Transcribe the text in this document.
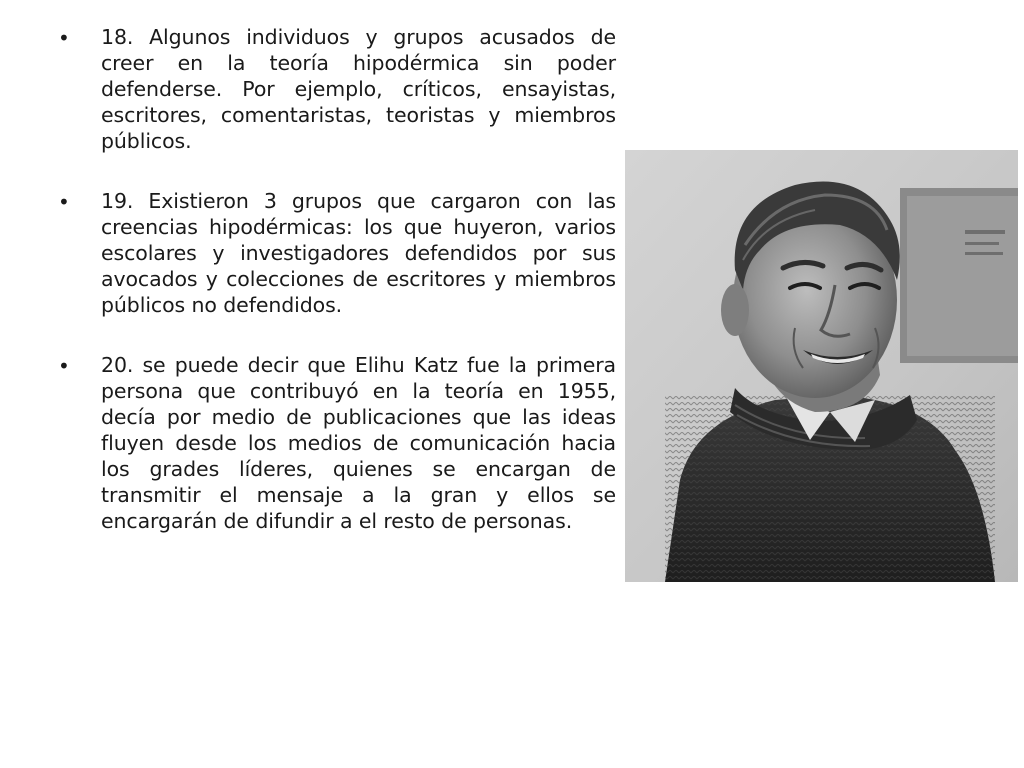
• 18. Algunos individuos y grupos acusados de creer en la teoría hipodérmica sin poder defenderse. Por ejemplo, críticos, ensayistas, escritores, comentaristas, teoristas y miembros públicos.
• 19. Existieron 3 grupos que cargaron con las creencias hipodérmicas: los que huyeron, varios escolares y investigadores defendidos por sus avocados y colecciones de escritores y miembros públicos no defendidos.
• 20. se puede decir que Elihu Katz fue la primera persona que contribuyó en la teoría en 1955, decía por medio de publicaciones que las ideas fluyen desde los medios de comunicación hacia los grades líderes, quienes se encargan de transmitir el mensaje a la gran y ellos se encargarán de difundir a el resto de personas.
